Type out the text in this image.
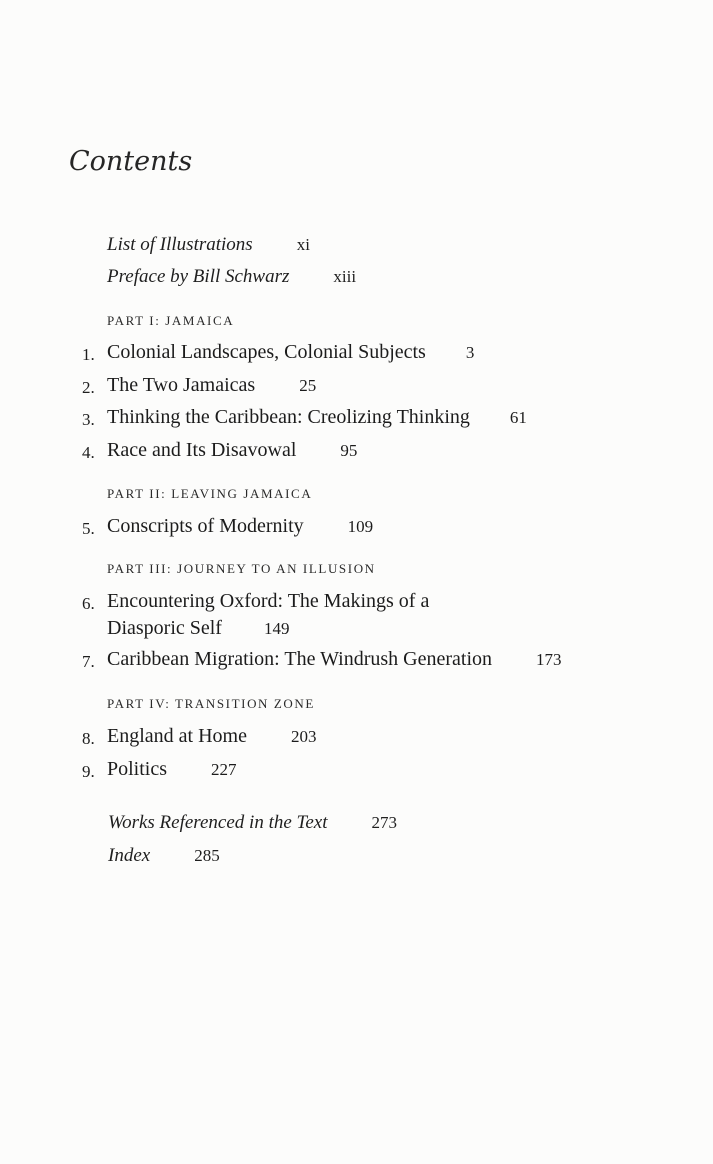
Contents
List of Illustrations	xi
Preface by Bill Schwarz	xiii
PART I: JAMAICA
1. Colonial Landscapes, Colonial Subjects 3
2. The Two Jamaicas	25
3. Thinking the Caribbean: Creolizing Thinking 61
4. Race and Its Disavowal	95
PART II: LEAVING JAMAICA
5. Conscripts of Modernity	109
PART III: JOURNEY TO AN ILLUSION
6. Encountering Oxford: The Makings of a
Diasporic Self 149
7. Caribbean Migration: The Windrush Generation	173
PART IV: TRANSITION ZONE
8. England at Home	203
9. Politics	227
Works Referenced in the Text	273
Index	285
